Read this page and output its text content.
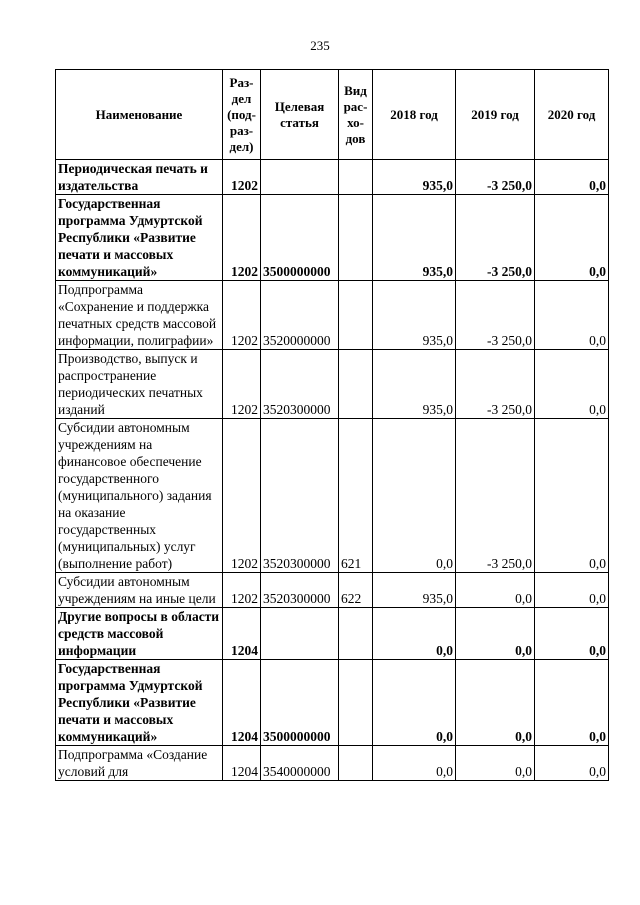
235
Наименование	Раз-дел (под-раз-дел)	Целевая статья	Вид рас-хо-дов	2018 год	2019 год	2020 год
Периодическая печать и издательства	1202			935,0	-3 250,0	0,0
Государственная программа Удмуртской Республики «Развитие печати и массовых коммуникаций»	1202	3500000000		935,0	-3 250,0	0,0
Подпрограмма «Сохранение и поддержка печатных средств массовой информации, полиграфии»	1202	3520000000		935,0	-3 250,0	0,0
Производство, выпуск и распространение периодических печатных изданий	1202	3520300000		935,0	-3 250,0	0,0
Субсидии автономным учреждениям на финансовое обеспечение государственного (муниципального) задания на оказание государственных (муниципальных) услуг (выполнение работ)	1202	3520300000	621	0,0	-3 250,0	0,0
Субсидии автономным учреждениям на иные цели	1202	3520300000	622	935,0	0,0	0,0
Другие вопросы в области средств массовой информации	1204			0,0	0,0	0,0
Государственная программа Удмуртской Республики «Развитие печати и массовых коммуникаций»	1204	3500000000		0,0	0,0	0,0
Подпрограмма «Создание условий для	1204	3540000000		0,0	0,0	0,0
